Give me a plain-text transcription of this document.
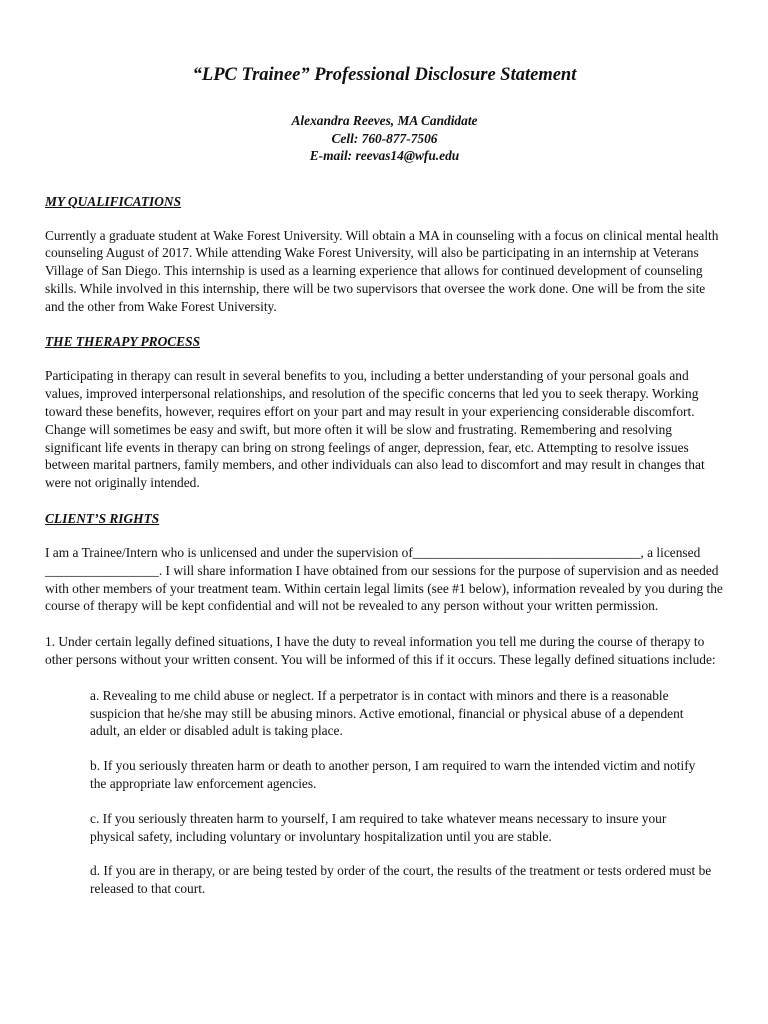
“LPC Trainee” Professional Disclosure Statement
Alexandra Reeves, MA Candidate
Cell: 760-877-7506
E-mail: reevas14@wfu.edu
MY QUALIFICATIONS

Currently a graduate student at Wake Forest University. Will obtain a MA in counseling with a focus on clinical mental health counseling August of 2017. While attending Wake Forest University, will also be participating in an internship at Veterans Village of San Diego. This internship is used as a learning experience that allows for continued development of counseling skills. While involved in this internship, there will be two supervisors that oversee the work done. One will be from the site and the other from Wake Forest University.

THE THERAPY PROCESS

Participating in therapy can result in several benefits to you, including a better understanding of your personal goals and values, improved interpersonal relationships, and resolution of the specific concerns that led you to seek therapy. Working toward these benefits, however, requires effort on your part and may result in your experiencing considerable discomfort. Change will sometimes be easy and swift, but more often it will be slow and frustrating. Remembering and resolving significant life events in therapy can bring on strong feelings of anger, depression, fear, etc. Attempting to resolve issues between marital partners, family members, and other individuals can also lead to discomfort and may result in changes that were not originally intended.

CLIENT’S RIGHTS

I am a Trainee/Intern who is unlicensed and under the supervision of__________________________________, a licensed _________________. I will share information I have obtained from our sessions for the purpose of supervision and as needed with other members of your treatment team. Within certain legal limits (see #1 below), information revealed by you during the course of therapy will be kept confidential and will not be revealed to any person without your written permission.

1. Under certain legally defined situations, I have the duty to reveal information you tell me during the course of therapy to other persons without your written consent. You will be informed of this if it occurs. These legally defined situations include:

a. Revealing to me child abuse or neglect. If a perpetrator is in contact with minors and there is a reasonable suspicion that he/she may still be abusing minors. Active emotional, financial or physical abuse of a dependent adult, an elder or disabled adult is taking place.

b. If you seriously threaten harm or death to another person, I am required to warn the intended victim and notify the appropriate law enforcement agencies.

c. If you seriously threaten harm to yourself, I am required to take whatever means necessary to insure your physical safety, including voluntary or involuntary hospitalization until you are stable.

d. If you are in therapy, or are being tested by order of the court, the results of the treatment or tests ordered must be released to that court.
